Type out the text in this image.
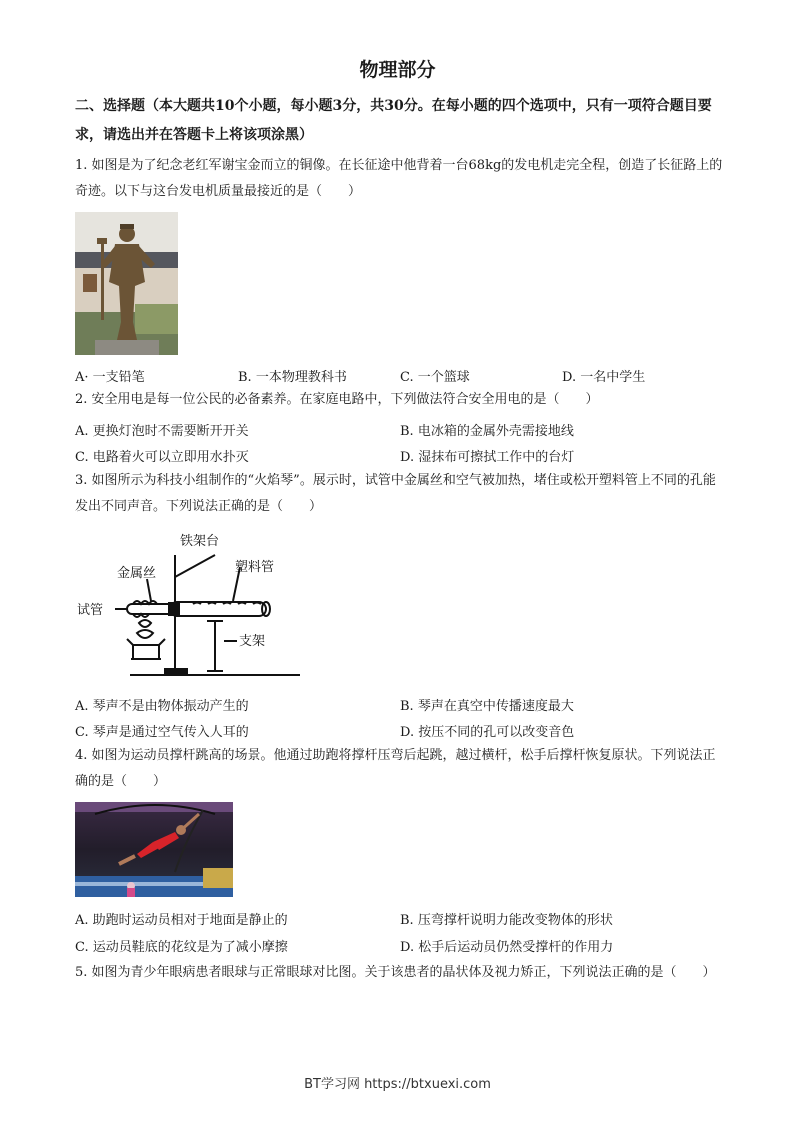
物理部分
二、选择题（本大题共10个小题，每小题3分，共30分。在每小题的四个选项中，只有一项符合题目要求，请选出并在答题卡上将该项涂黑）
1. 如图是为了纪念老红军谢宝金而立的铜像。在长征途中他背着一台68kg的发电机走完全程，创造了长征路上的奇迹。以下与这台发电机质量最接近的是（　　）
A· 一支铅笔	B. 一本物理教科书	C. 一个篮球	D. 一名中学生
2. 安全用电是每一位公民的必备素养。在家庭电路中，下列做法符合安全用电的是（　　）
A. 更换灯泡时不需要断开开关	B. 电冰箱的金属外壳需接地线
C. 电路着火可以立即用水扑灭	D. 湿抹布可擦拭工作中的台灯
3. 如图所示为科技小组制作的“火焰琴”。展示时，试管中金属丝和空气被加热，堵住或松开塑料管上不同的孔能发出不同声音。下列说法正确的是（　　）
铁架台
金属丝	塑料管
试管
支架
A. 琴声不是由物体振动产生的	B. 琴声在真空中传播速度最大
C. 琴声是通过空气传入人耳的	D. 按压不同的孔可以改变音色
4. 如图为运动员撑杆跳高的场景。他通过助跑将撑杆压弯后起跳，越过横杆，松手后撑杆恢复原状。下列说法正确的是（　　）
A. 助跑时运动员相对于地面是静止的	B. 压弯撑杆说明力能改变物体的形状
C. 运动员鞋底的花纹是为了减小摩擦	D. 松手后运动员仍然受撑杆的作用力
5. 如图为青少年眼病患者眼球与正常眼球对比图。关于该患者的晶状体及视力矫正，下列说法正确的是（　　）
BT学习网 https://btxuexi.com
